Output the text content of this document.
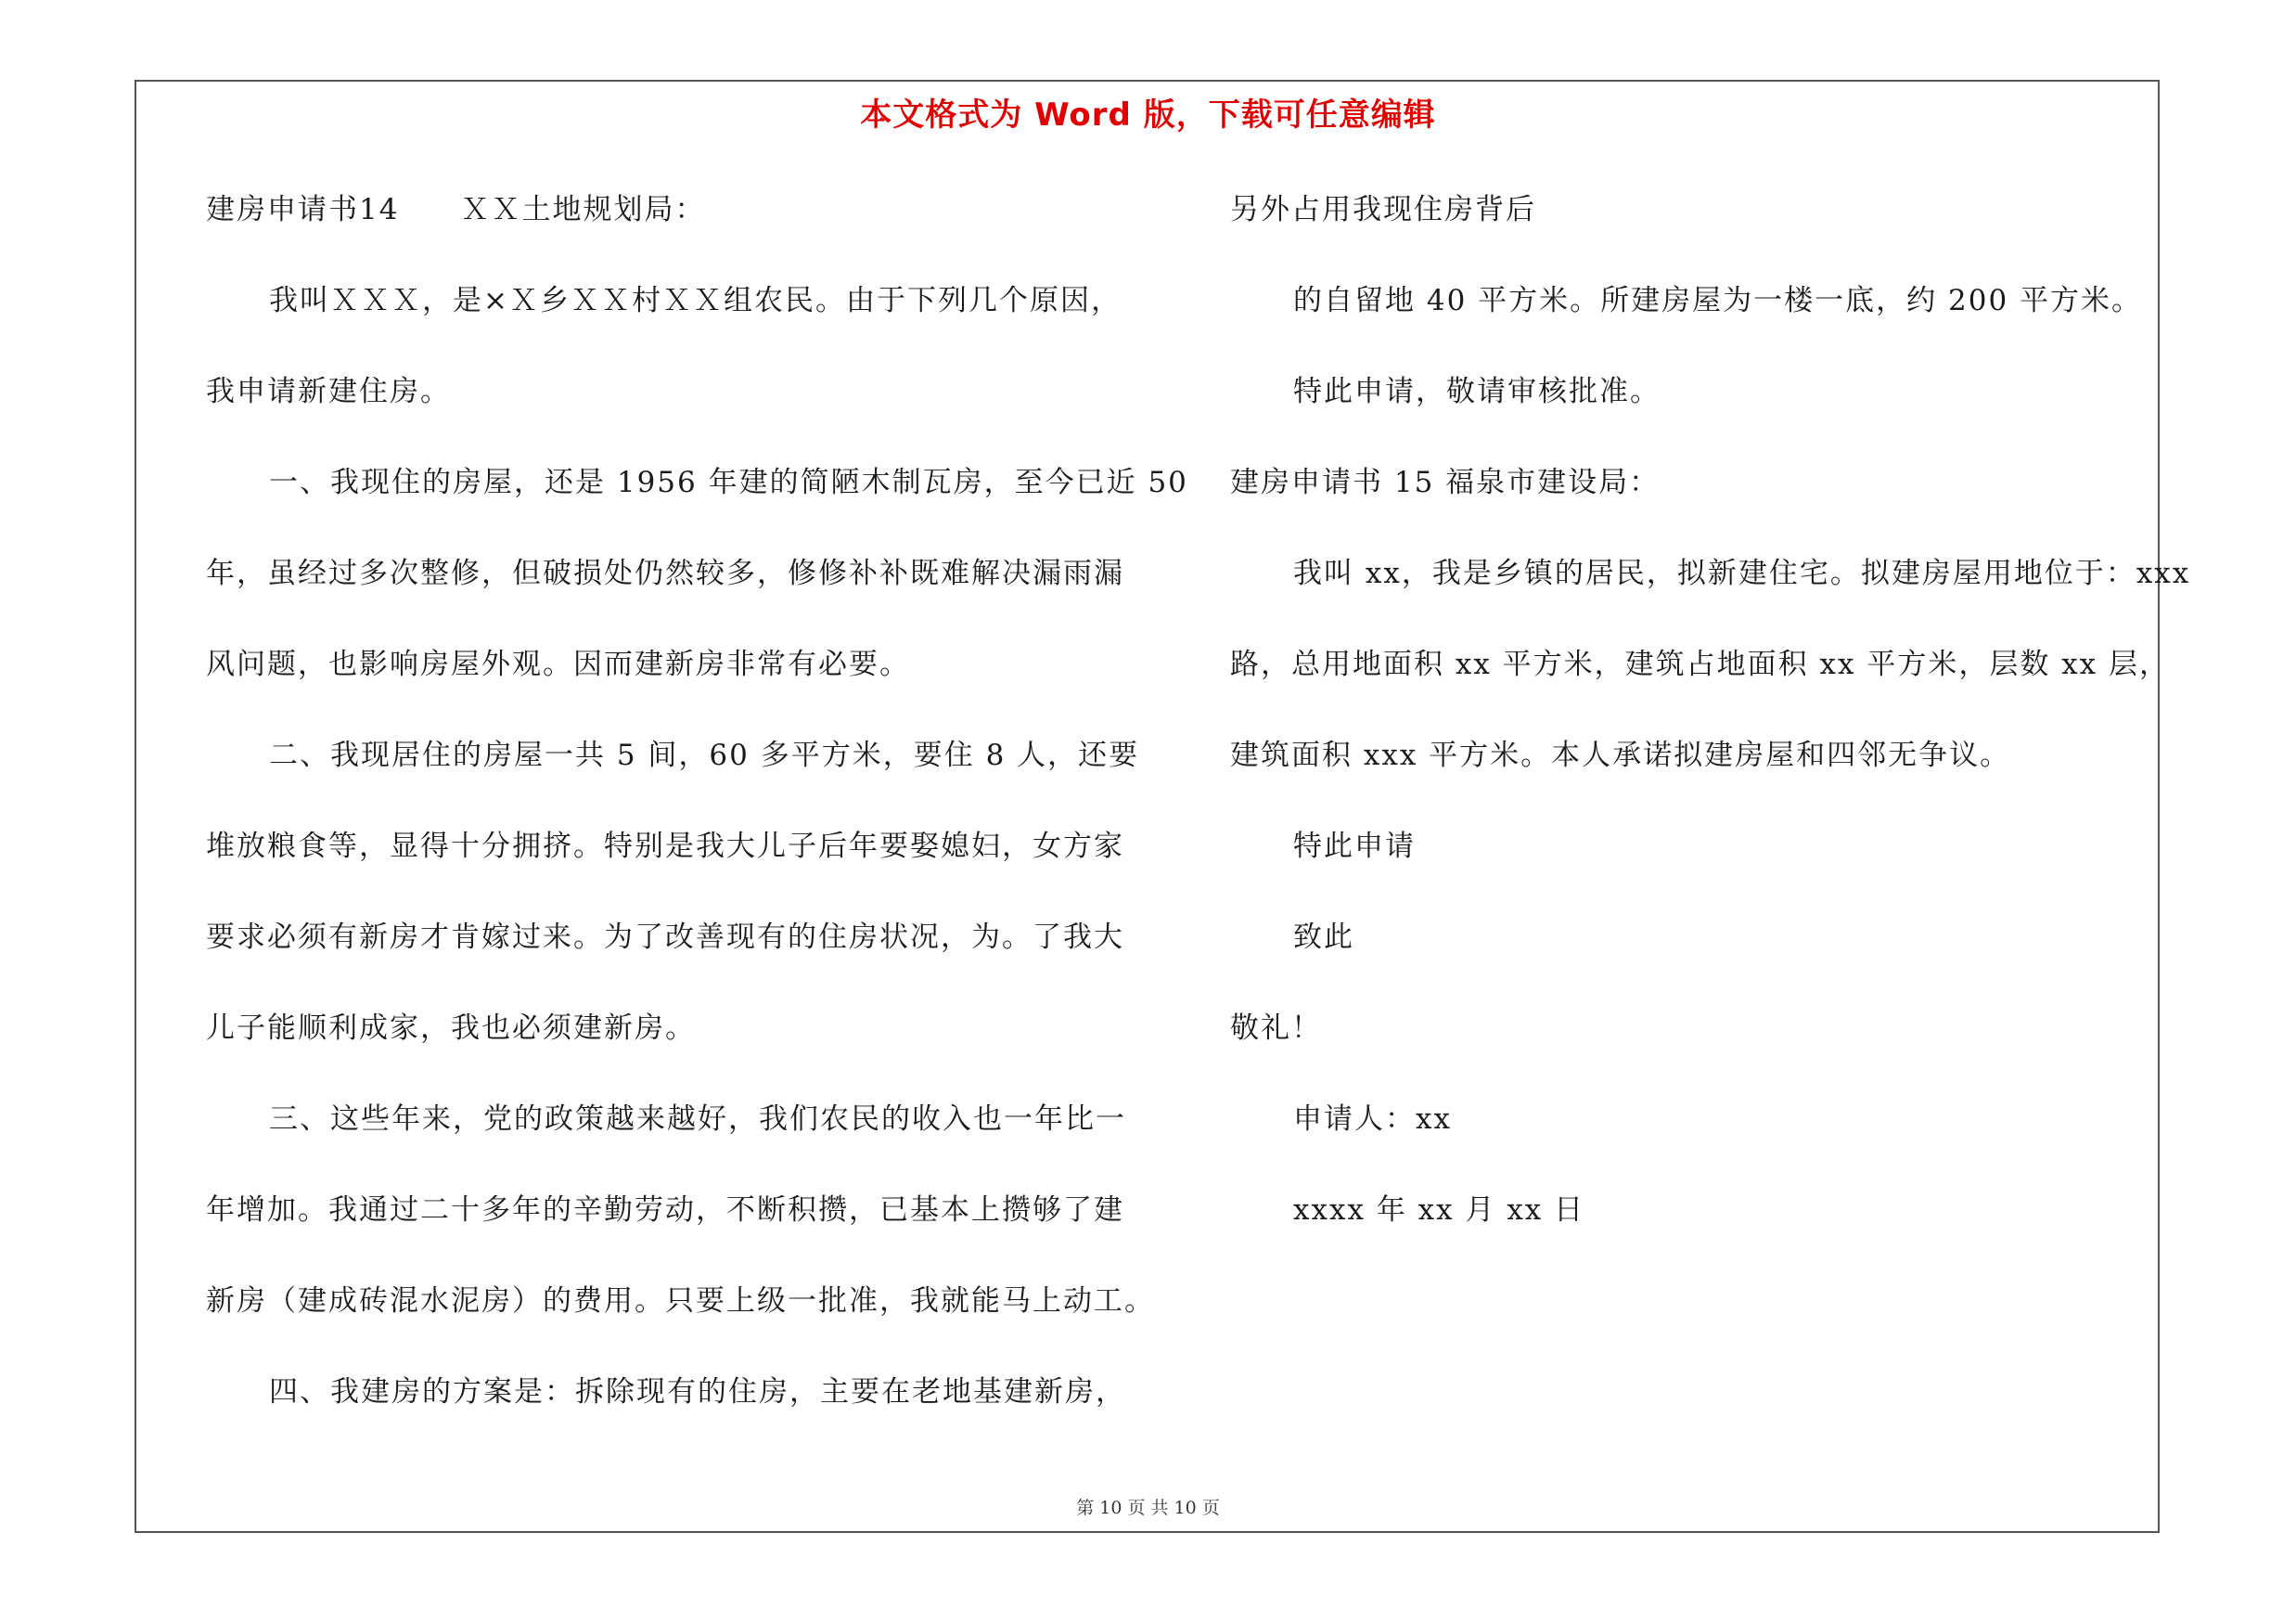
本文格式为 Word 版，下载可任意编辑
建房申请书14　　ＸＸ土地规划局：
我叫ＸＸＸ，是×Ｘ乡ＸＸ村ＸＸ组农民。由于下列几个原因，
我申请新建住房。
一、我现住的房屋，还是 1956 年建的简陋木制瓦房，至今已近 50
年，虽经过多次整修，但破损处仍然较多，修修补补既难解决漏雨漏
风问题，也影响房屋外观。因而建新房非常有必要。
二、我现居住的房屋一共 5 间，60 多平方米，要住 8 人，还要
堆放粮食等，显得十分拥挤。特别是我大儿子后年要娶媳妇，女方家
要求必须有新房才肯嫁过来。为了改善现有的住房状况，为。了我大
儿子能顺利成家，我也必须建新房。
三、这些年来，党的政策越来越好，我们农民的收入也一年比一
年增加。我通过二十多年的辛勤劳动，不断积攒，已基本上攒够了建
新房（建成砖混水泥房）的费用。只要上级一批准，我就能马上动工。
四、我建房的方案是：拆除现有的住房，主要在老地基建新房，
另外占用我现住房背后
的自留地 40 平方米。所建房屋为一楼一底，约 200 平方米。
特此申请，敬请审核批准。
建房申请书 15 福泉市建设局：
我叫 xx，我是乡镇的居民，拟新建住宅。拟建房屋用地位于：xxx
路，总用地面积 xx 平方米，建筑占地面积 xx 平方米，层数 xx 层，
建筑面积 xxx 平方米。本人承诺拟建房屋和四邻无争议。
特此申请
致此
敬礼！
申请人：xx
xxxx 年 xx 月 xx 日
第 10 页 共 10 页
